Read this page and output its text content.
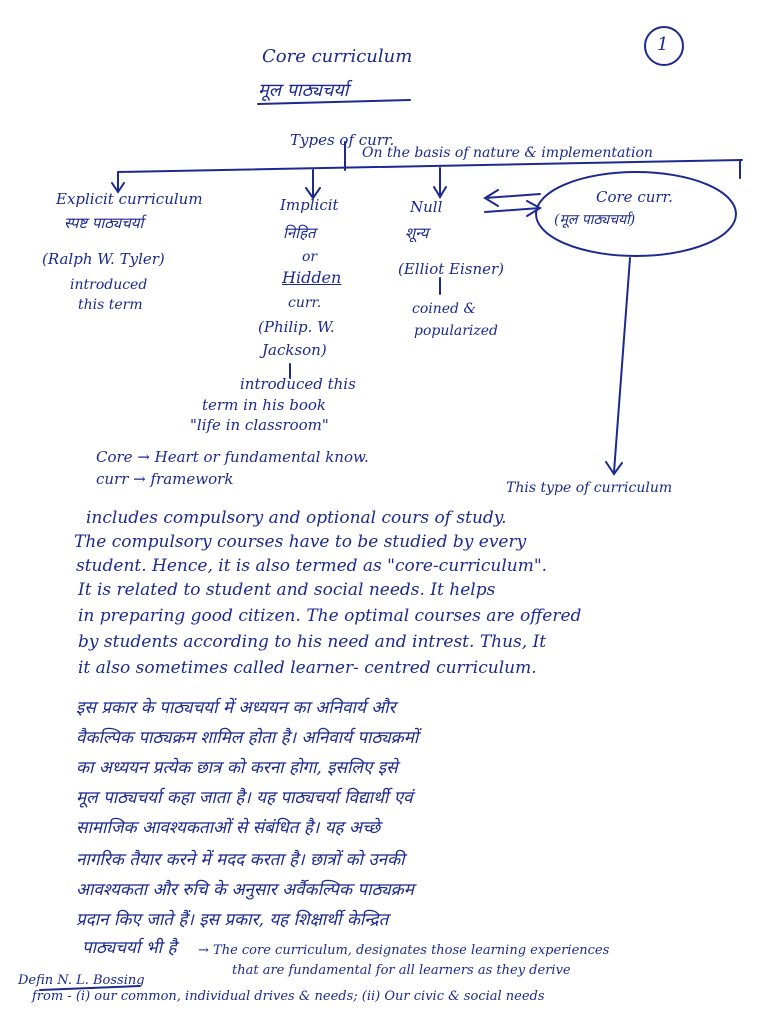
1
Core curriculum
मूल पाठ्यचर्या
Types of curr.
On the basis of nature & implementation
Explicit curriculum
स्पष्ट पाठ्यचर्या
(Ralph W. Tyler)
introduced
this term
Implicit
निहित
or
Hidden
curr.
(Philip. W.
Jackson)
introduced this
term in his book
"life in classroom"
Null
शून्य
(Elliot Eisner)
coined &
popularized
Core curr.
(मूल पाठ्यचर्या)
Core → Heart or fundamental know.
curr → framework	This type of curriculum
includes compulsory and optional cours of study.
The compulsory courses have to be studied by every
student. Hence, it is also termed as "core-curriculum".
It is related to student and social needs. It helps
in preparing good citizen. The optimal courses are offered
by students according to his need and intrest. Thus, It
it also sometimes called learner- centred curriculum.
इस प्रकार के पाठ्यचर्या में अध्ययन का अनिवार्य और
वैकल्पिक पाठ्यक्रम शामिल होता है। अनिवार्य पाठ्यक्रमों
का अध्ययन प्रत्येक छात्र को करना होगा, इसलिए इसे
मूल पाठ्यचर्या कहा जाता है। यह पाठ्यचर्या विद्यार्थी एवं
सामाजिक आवश्यकताओं से संबंधित है। यह अच्छे
नागरिक तैयार करने में मदद करता है। छात्रों को उनकी
आवश्यकता और रुचि के अनुसार अर्वैकल्पिक पाठ्यक्रम
प्रदान किए जाते हैं। इस प्रकार, यह शिक्षार्थी केन्द्रित
पाठ्यचर्या भी है
Defin N. L. Bossing
→ The core curriculum, designates those learning experiences
that are fundamental for all learners as they derive
from - (i) our common, individual drives & needs; (ii) Our civic & social needs
